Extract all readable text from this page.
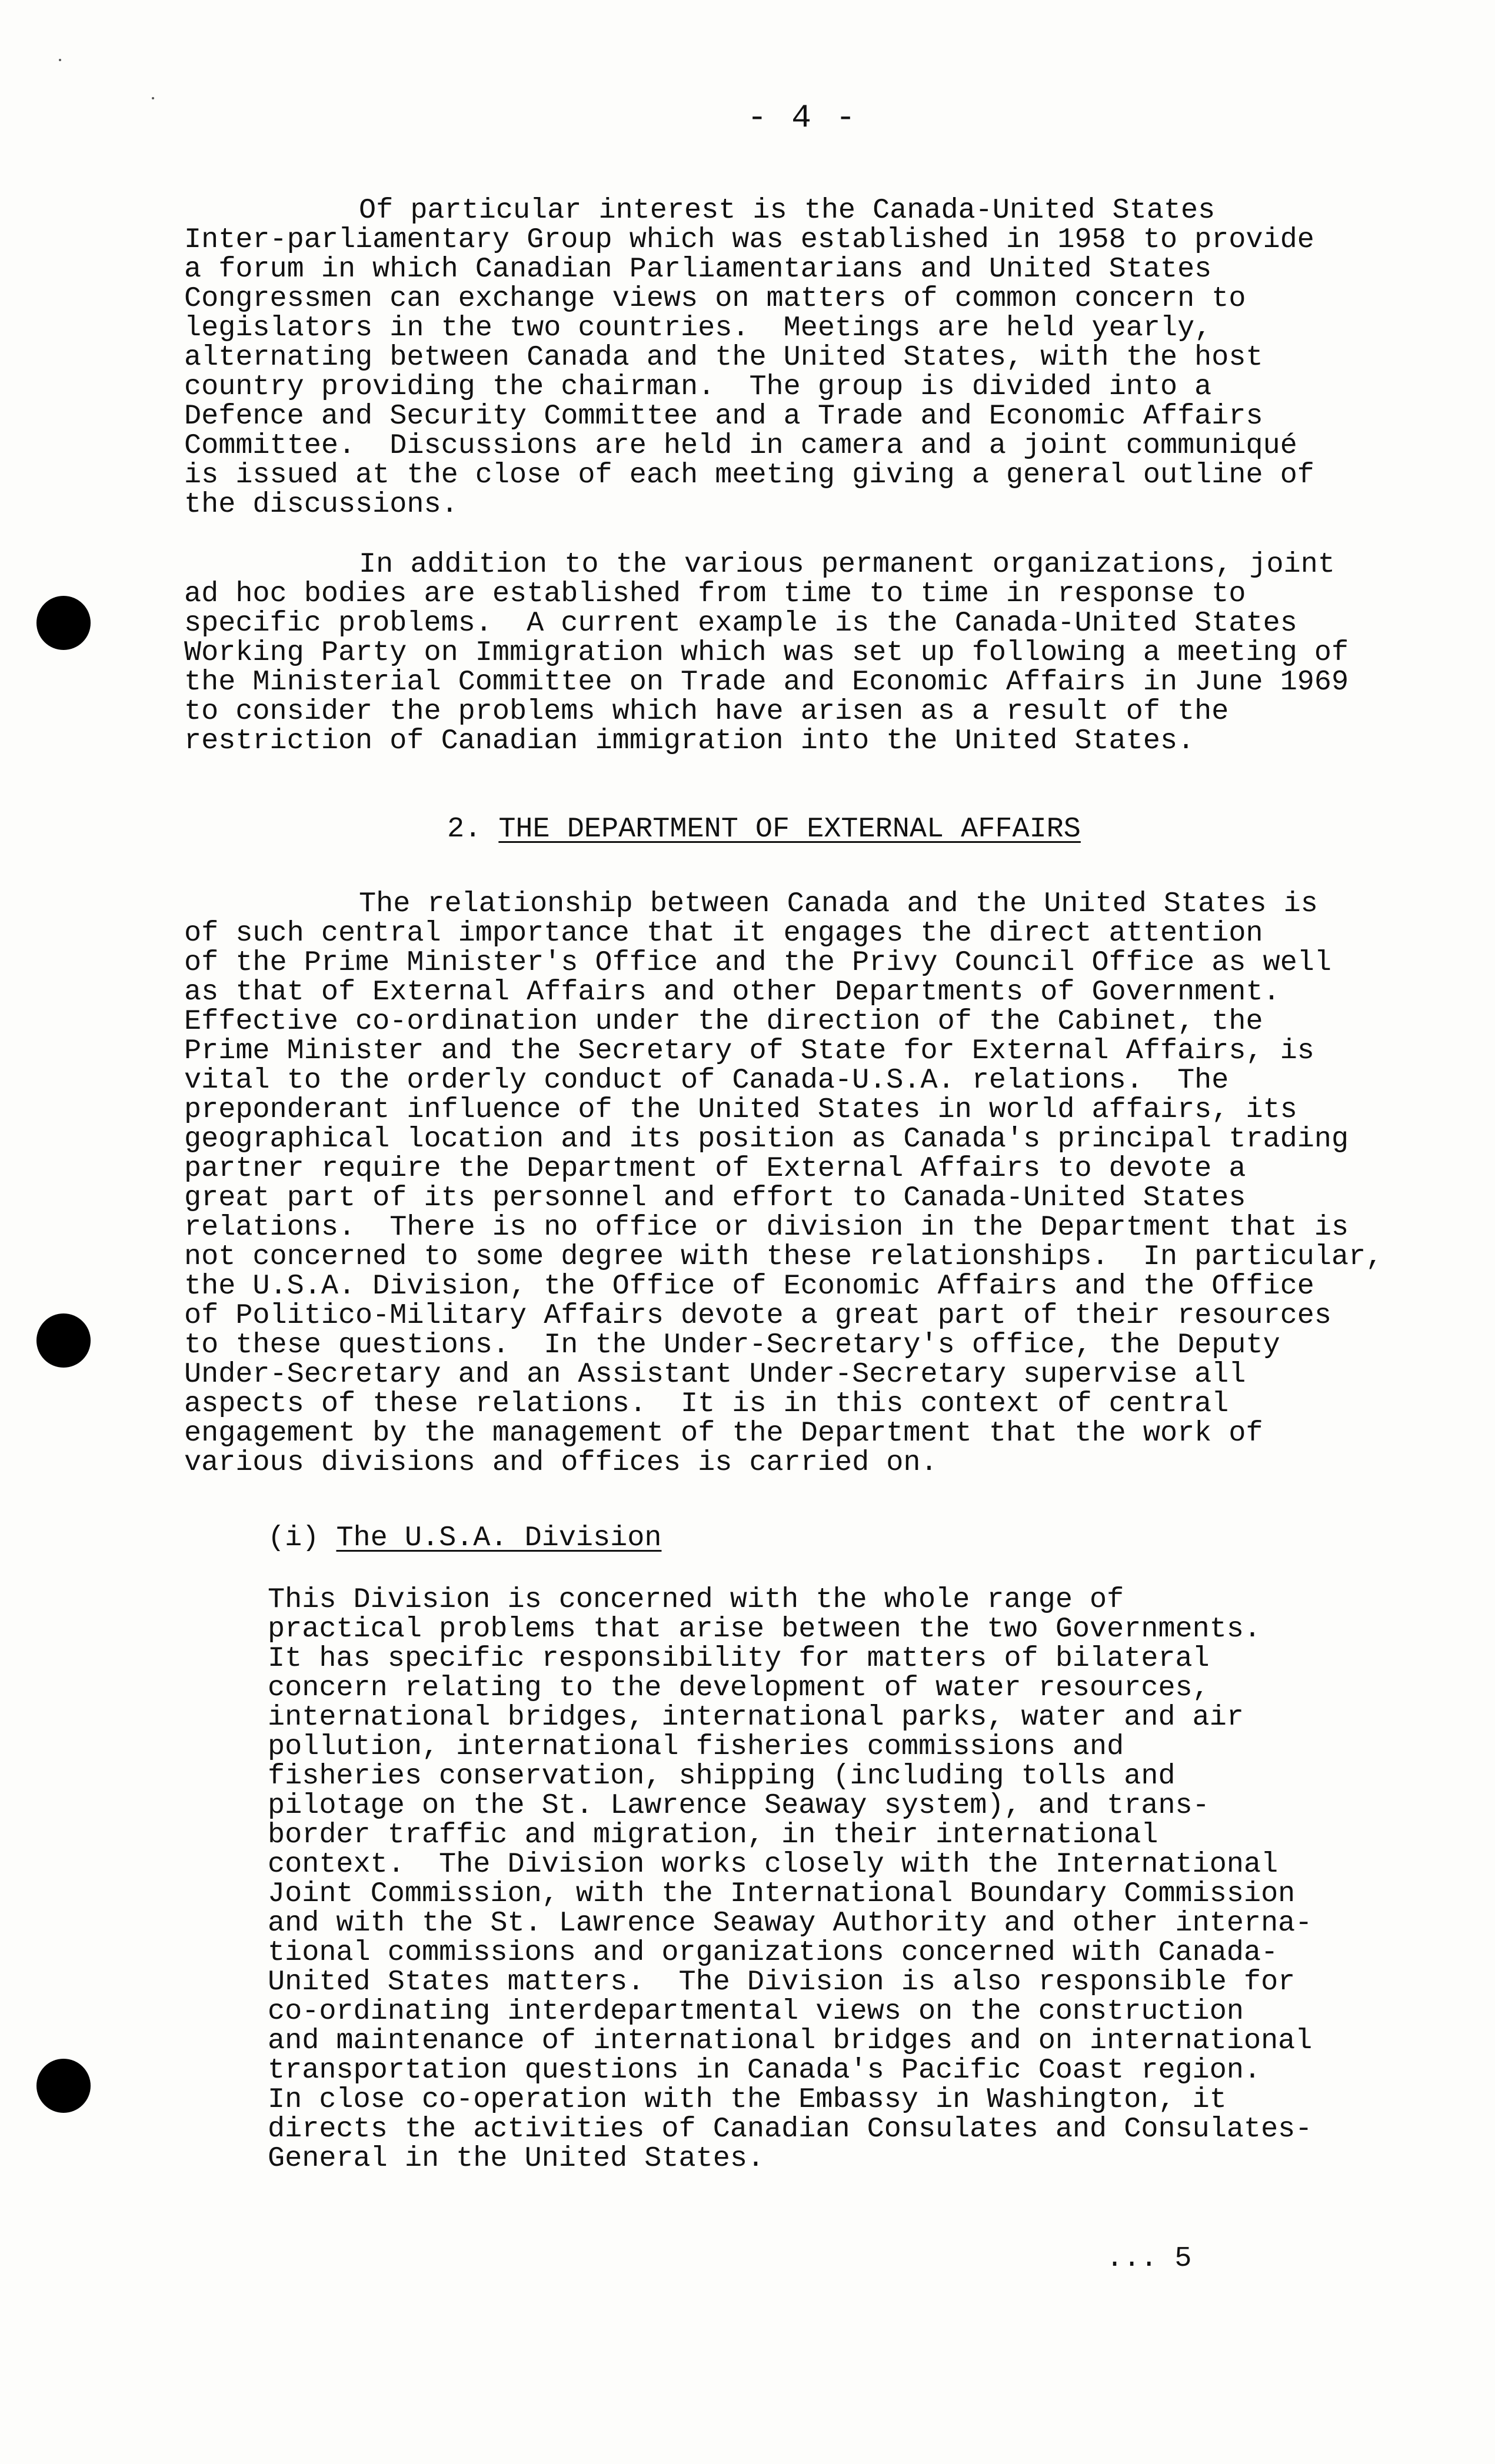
- 4 -
Of particular interest is the Canada-United States
Inter-parliamentary Group which was established in 1958 to provide
a forum in which Canadian Parliamentarians and United States
Congressmen can exchange views on matters of common concern to
legislators in the two countries.  Meetings are held yearly,
alternating between Canada and the United States, with the host
country providing the chairman.  The group is divided into a
Defence and Security Committee and a Trade and Economic Affairs
Committee.  Discussions are held in camera and a joint communiqué
is issued at the close of each meeting giving a general outline of
the discussions.
In addition to the various permanent organizations, joint
ad hoc bodies are established from time to time in response to
specific problems.  A current example is the Canada-United States
Working Party on Immigration which was set up following a meeting of
the Ministerial Committee on Trade and Economic Affairs in June 1969
to consider the problems which have arisen as a result of the
restriction of Canadian immigration into the United States.
2. THE DEPARTMENT OF EXTERNAL AFFAIRS
The relationship between Canada and the United States is
of such central importance that it engages the direct attention
of the Prime Minister's Office and the Privy Council Office as well
as that of External Affairs and other Departments of Government.
Effective co-ordination under the direction of the Cabinet, the
Prime Minister and the Secretary of State for External Affairs, is
vital to the orderly conduct of Canada-U.S.A. relations.  The
preponderant influence of the United States in world affairs, its
geographical location and its position as Canada's principal trading
partner require the Department of External Affairs to devote a
great part of its personnel and effort to Canada-United States
relations.  There is no office or division in the Department that is
not concerned to some degree with these relationships.  In particular,
the U.S.A. Division, the Office of Economic Affairs and the Office
of Politico-Military Affairs devote a great part of their resources
to these questions.  In the Under-Secretary's office, the Deputy
Under-Secretary and an Assistant Under-Secretary supervise all
aspects of these relations.  It is in this context of central
engagement by the management of the Department that the work of
various divisions and offices is carried on.
(i) The U.S.A. Division
This Division is concerned with the whole range of
practical problems that arise between the two Governments.
It has specific responsibility for matters of bilateral
concern relating to the development of water resources,
international bridges, international parks, water and air
pollution, international fisheries commissions and
fisheries conservation, shipping (including tolls and
pilotage on the St. Lawrence Seaway system), and trans-
border traffic and migration, in their international
context.  The Division works closely with the International
Joint Commission, with the International Boundary Commission
and with the St. Lawrence Seaway Authority and other interna-
tional commissions and organizations concerned with Canada-
United States matters.  The Division is also responsible for
co-ordinating interdepartmental views on the construction
and maintenance of international bridges and on international
transportation questions in Canada's Pacific Coast region.
In close co-operation with the Embassy in Washington, it
directs the activities of Canadian Consulates and Consulates-
General in the United States.
... 5
